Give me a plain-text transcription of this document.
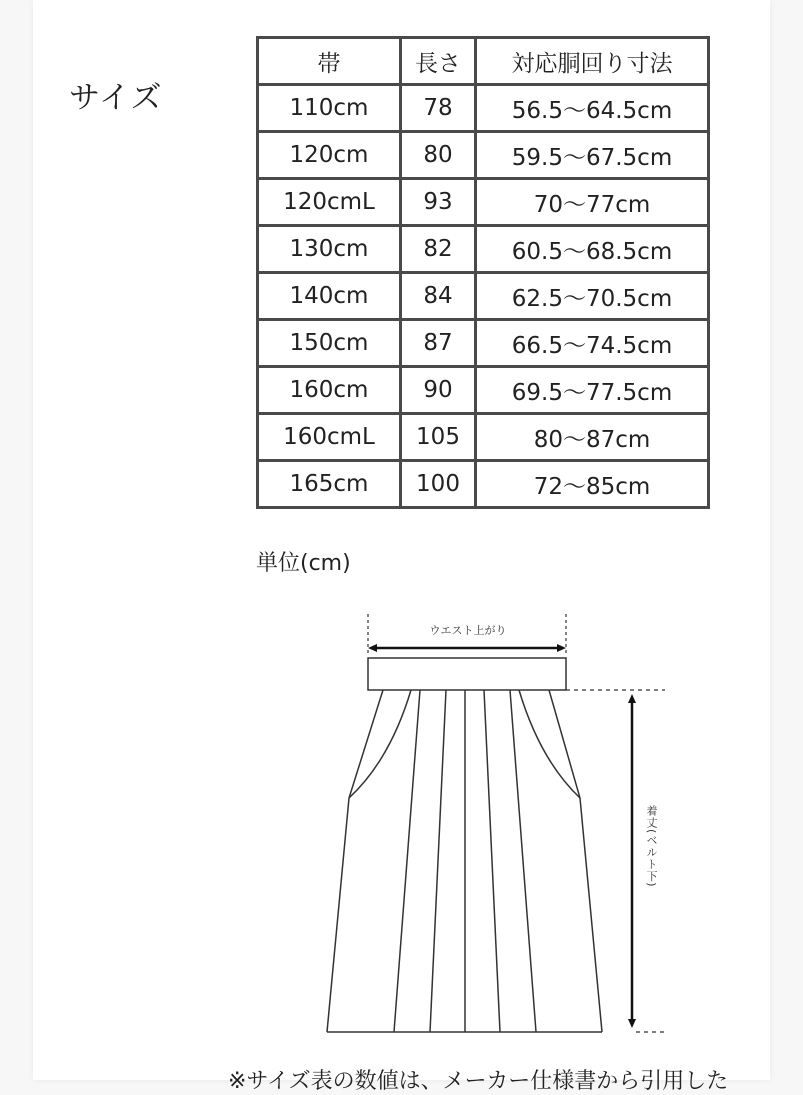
サイズ
帯	長さ	対応胴回り寸法
110cm	78	56.5〜64.5cm
120cm	80	59.5〜67.5cm
120cmL	93	70〜77cm
130cm	82	60.5〜68.5cm
140cm	84	62.5〜70.5cm
150cm	87	66.5〜74.5cm
160cm	90	69.5〜77.5cm
160cmL	105	80〜87cm
165cm	100	72〜85cm
単位(cm)
ウエスト上がり
着丈(ベルト下)
※サイズ表の数値は、メーカー仕様書から引用した
